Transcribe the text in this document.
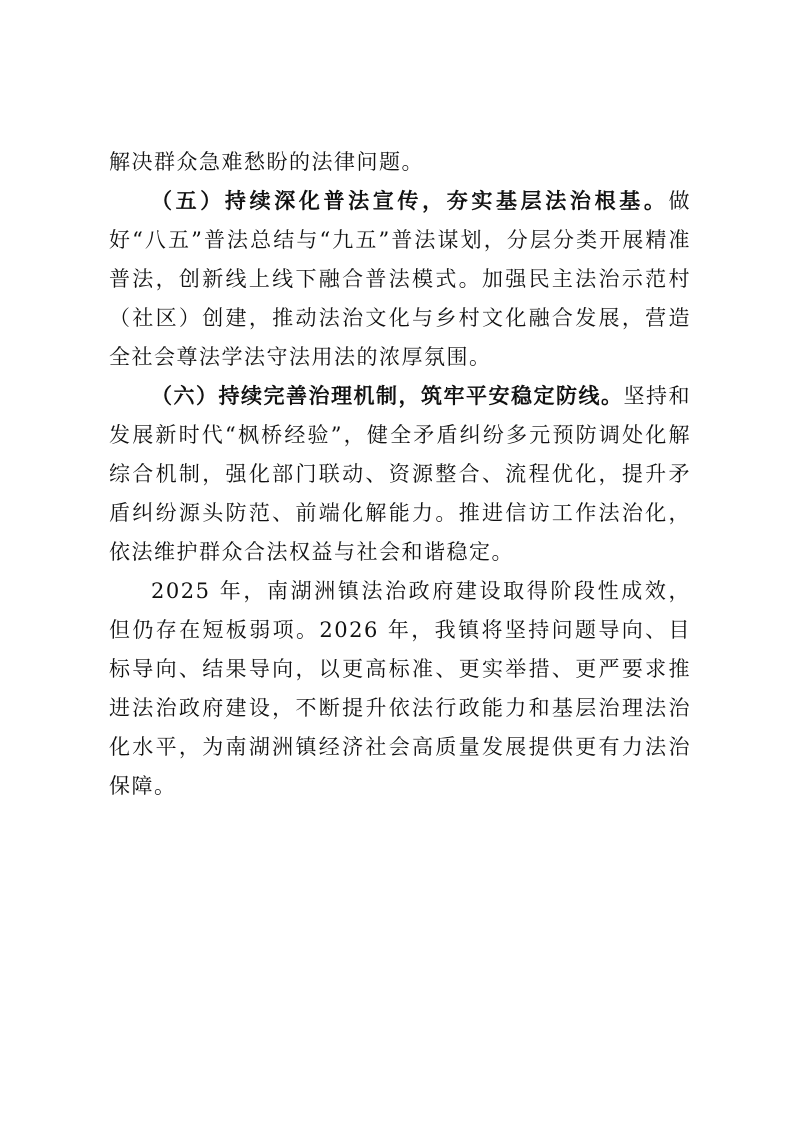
解决群众急难愁盼的法律问题。

（五）持续深化普法宣传，夯实基层法治根基。做好“八五”普法总结与“九五”普法谋划，分层分类开展精准普法，创新线上线下融合普法模式。加强民主法治示范村（社区）创建，推动法治文化与乡村文化融合发展，营造全社会尊法学法守法用法的浓厚氛围。

（六）持续完善治理机制，筑牢平安稳定防线。坚持和发展新时代“枫桥经验”，健全矛盾纠纷多元预防调处化解综合机制，强化部门联动、资源整合、流程优化，提升矛盾纠纷源头防范、前端化解能力。推进信访工作法治化，依法维护群众合法权益与社会和谐稳定。

2025 年，南湖洲镇法治政府建设取得阶段性成效，但仍存在短板弱项。2026 年，我镇将坚持问题导向、目标导向、结果导向，以更高标准、更实举措、更严要求推进法治政府建设，不断提升依法行政能力和基层治理法治化水平，为南湖洲镇经济社会高质量发展提供更有力法治保障。
